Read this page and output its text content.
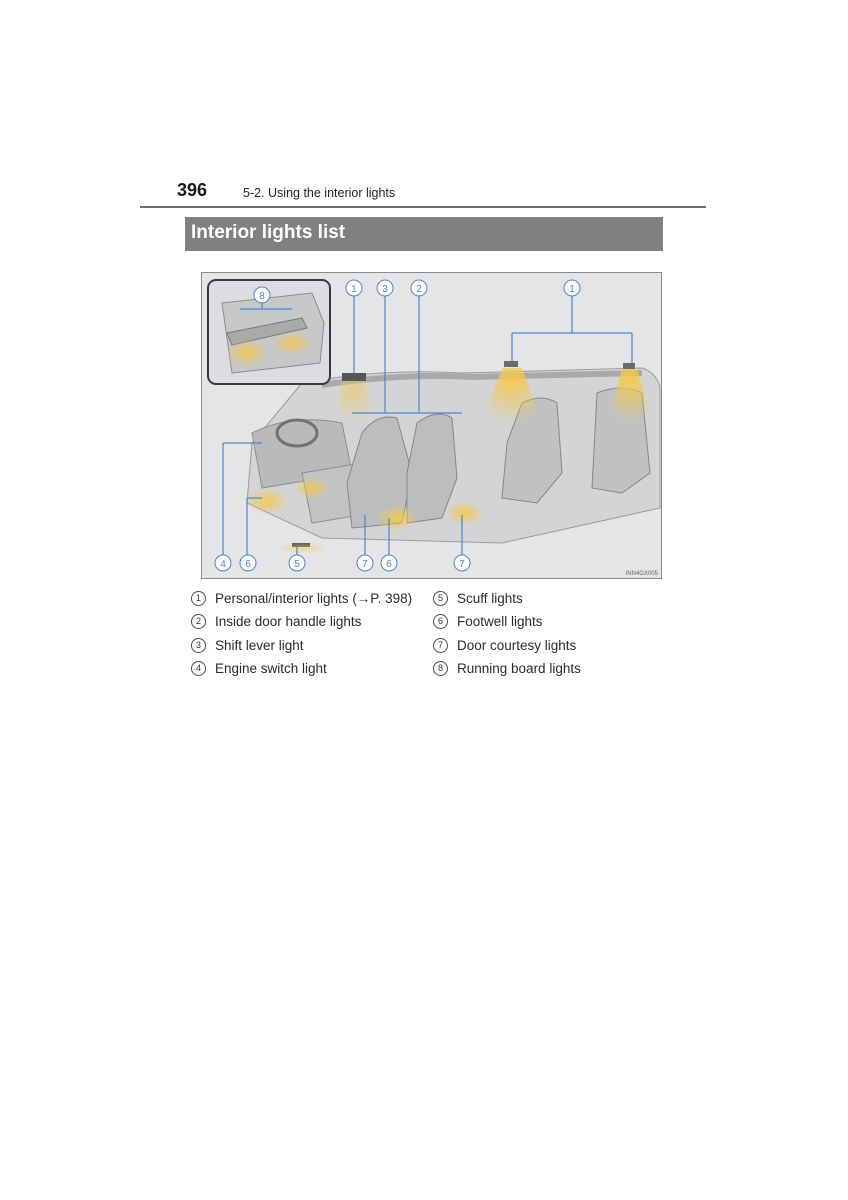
396	5-2. Using the interior lights
Interior lights list
1	3	2	1
8
4 6	5	7 6	7
INN4GX005
1	Personal/interior lights (→P. 398)
2	Inside door handle lights
3	Shift lever light
4	Engine switch light
5	Scuff lights
6	Footwell lights
7	Door courtesy lights
8	Running board lights
